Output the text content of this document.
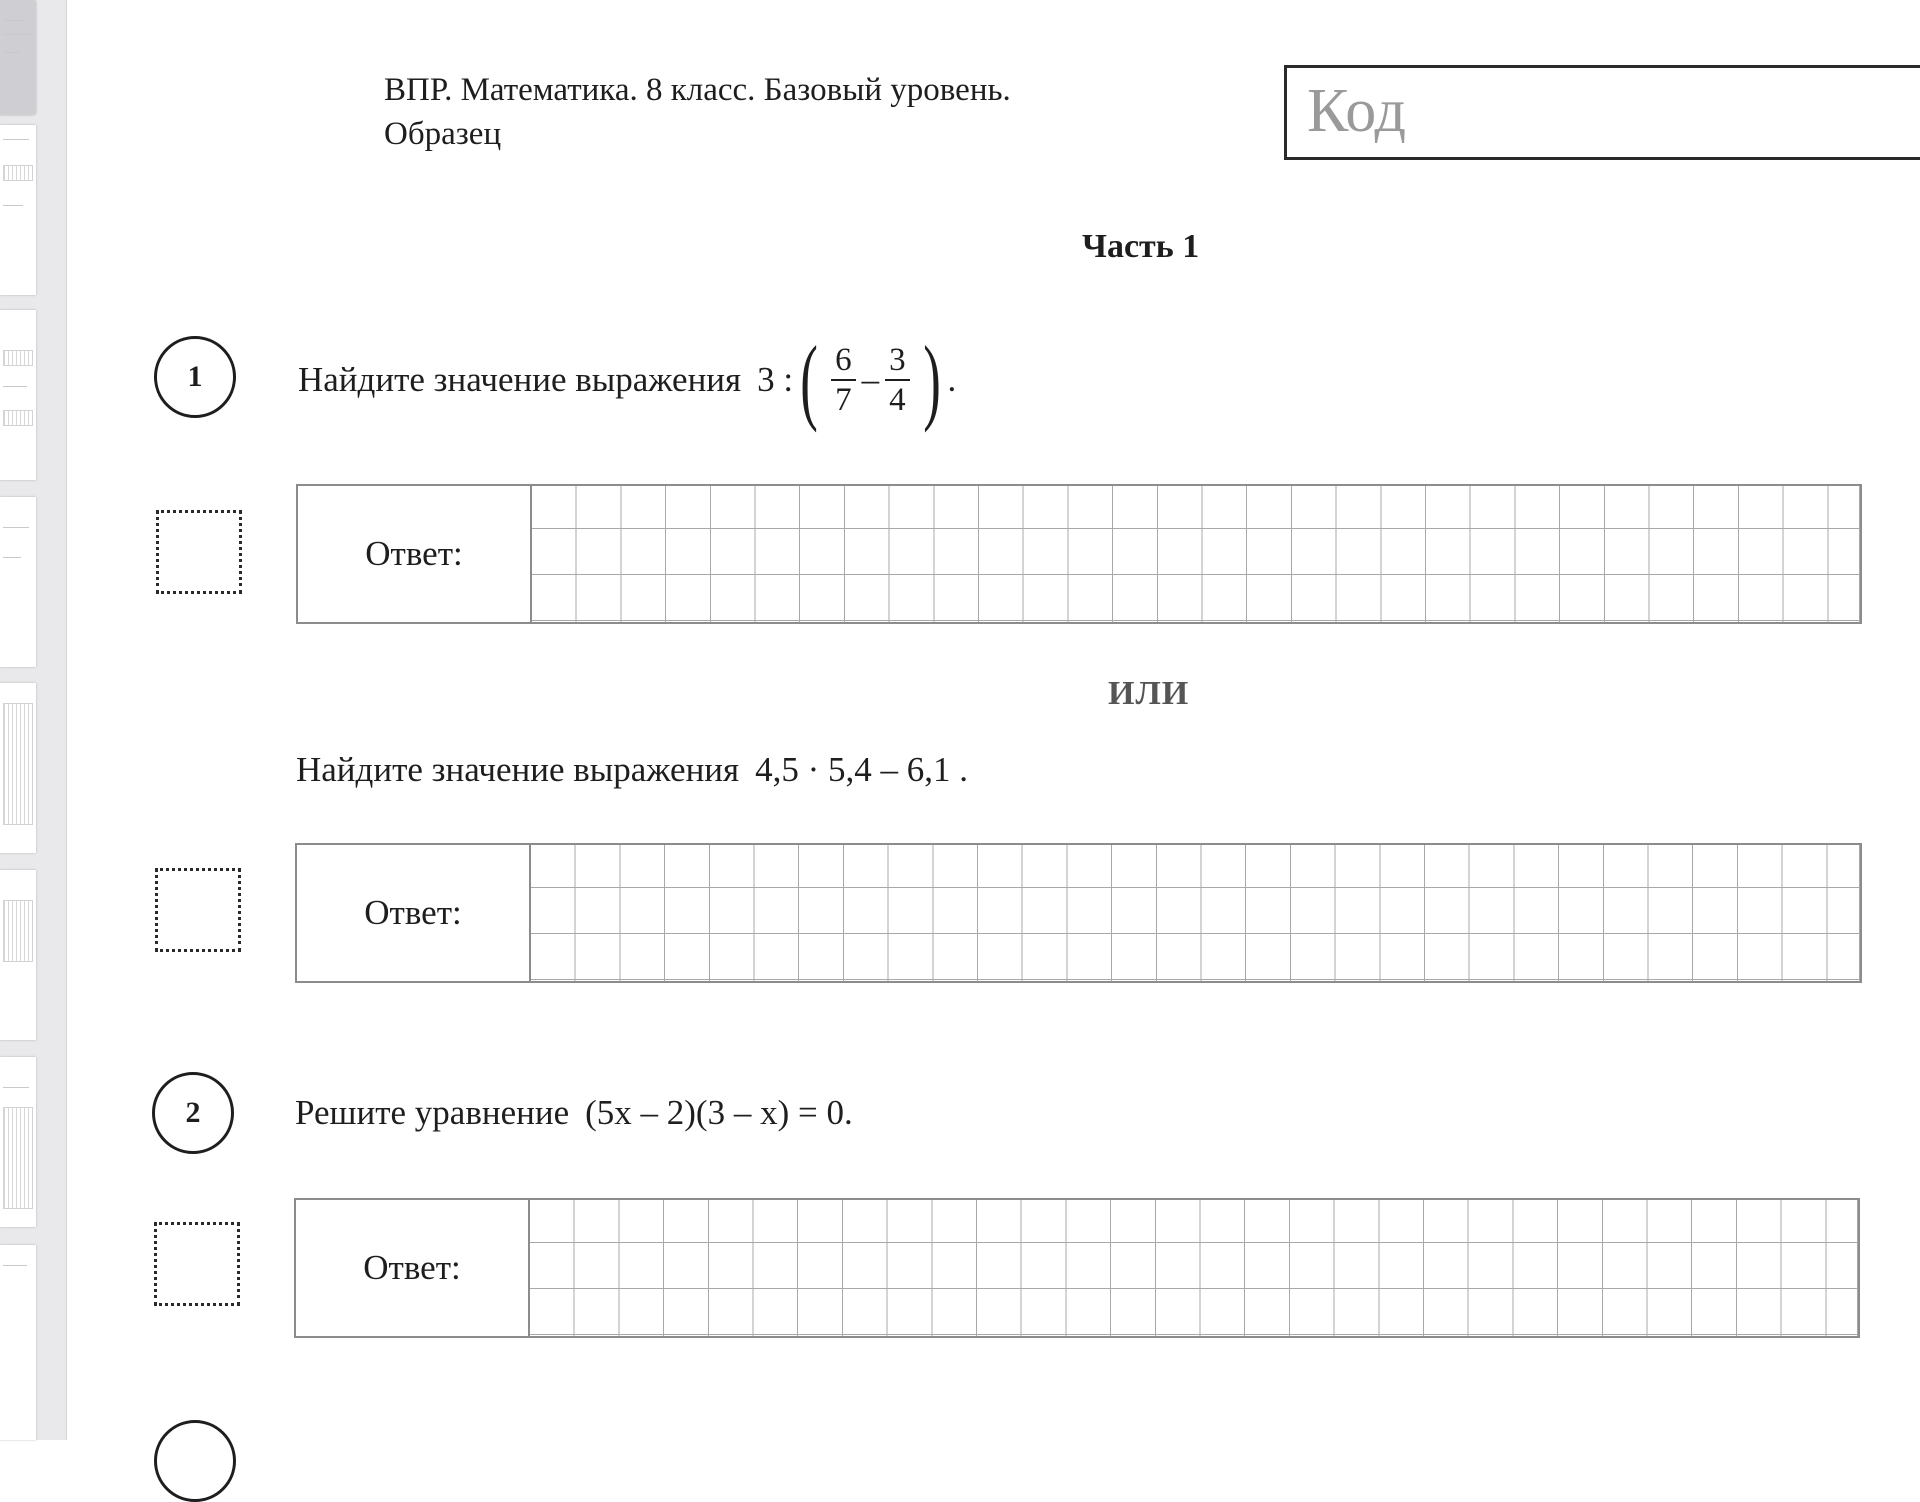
ВПР. Математика. 8 класс. Базовый уровень.
Образец	Код
Часть 1
1	Найдите значение выражения 3 : ( $\frac{6}{7} - \frac{3}{4}$ ) .
Ответ:
ИЛИ
Найдите значение выражения 4,5 · 5,4 – 6,1 .
Ответ:
2	Решите уравнение (5x – 2)(3 – x) = 0.
Ответ:
